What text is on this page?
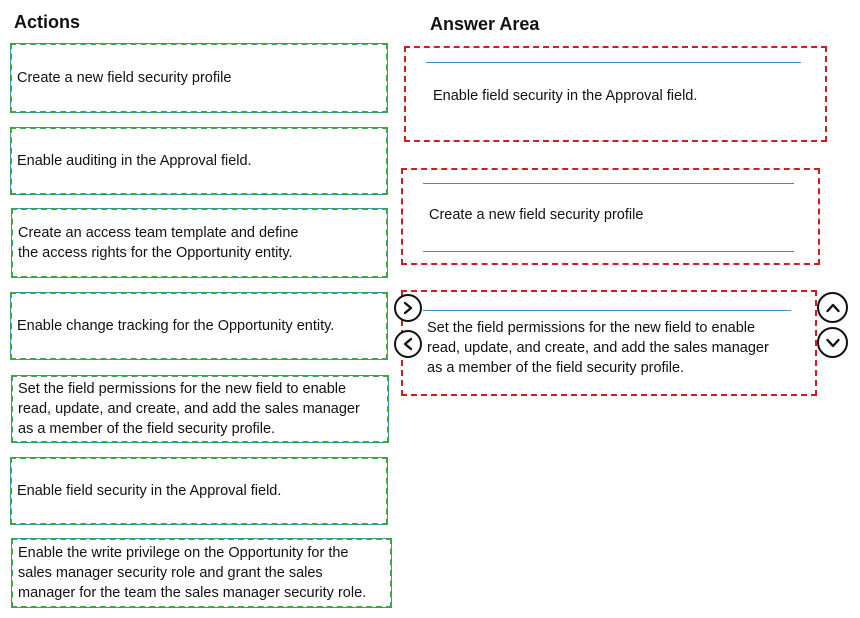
Actions	Answer Area
Create a new field security profile
Enable auditing in the Approval field.
Create an access team template and define
the access rights for the Opportunity entity.
Enable change tracking for the Opportunity entity.
Set the field permissions for the new field to enable
read, update, and create, and add the sales manager
as a member of the field security profile.
Enable field security in the Approval field.
Enable the write privilege on the Opportunity for the
sales manager security role and grant the sales
manager for the team the sales manager security role.
Enable field security in the Approval field.
Create a new field security profile
Set the field permissions for the new field to enable
read, update, and create, and add the sales manager
as a member of the field security profile.
